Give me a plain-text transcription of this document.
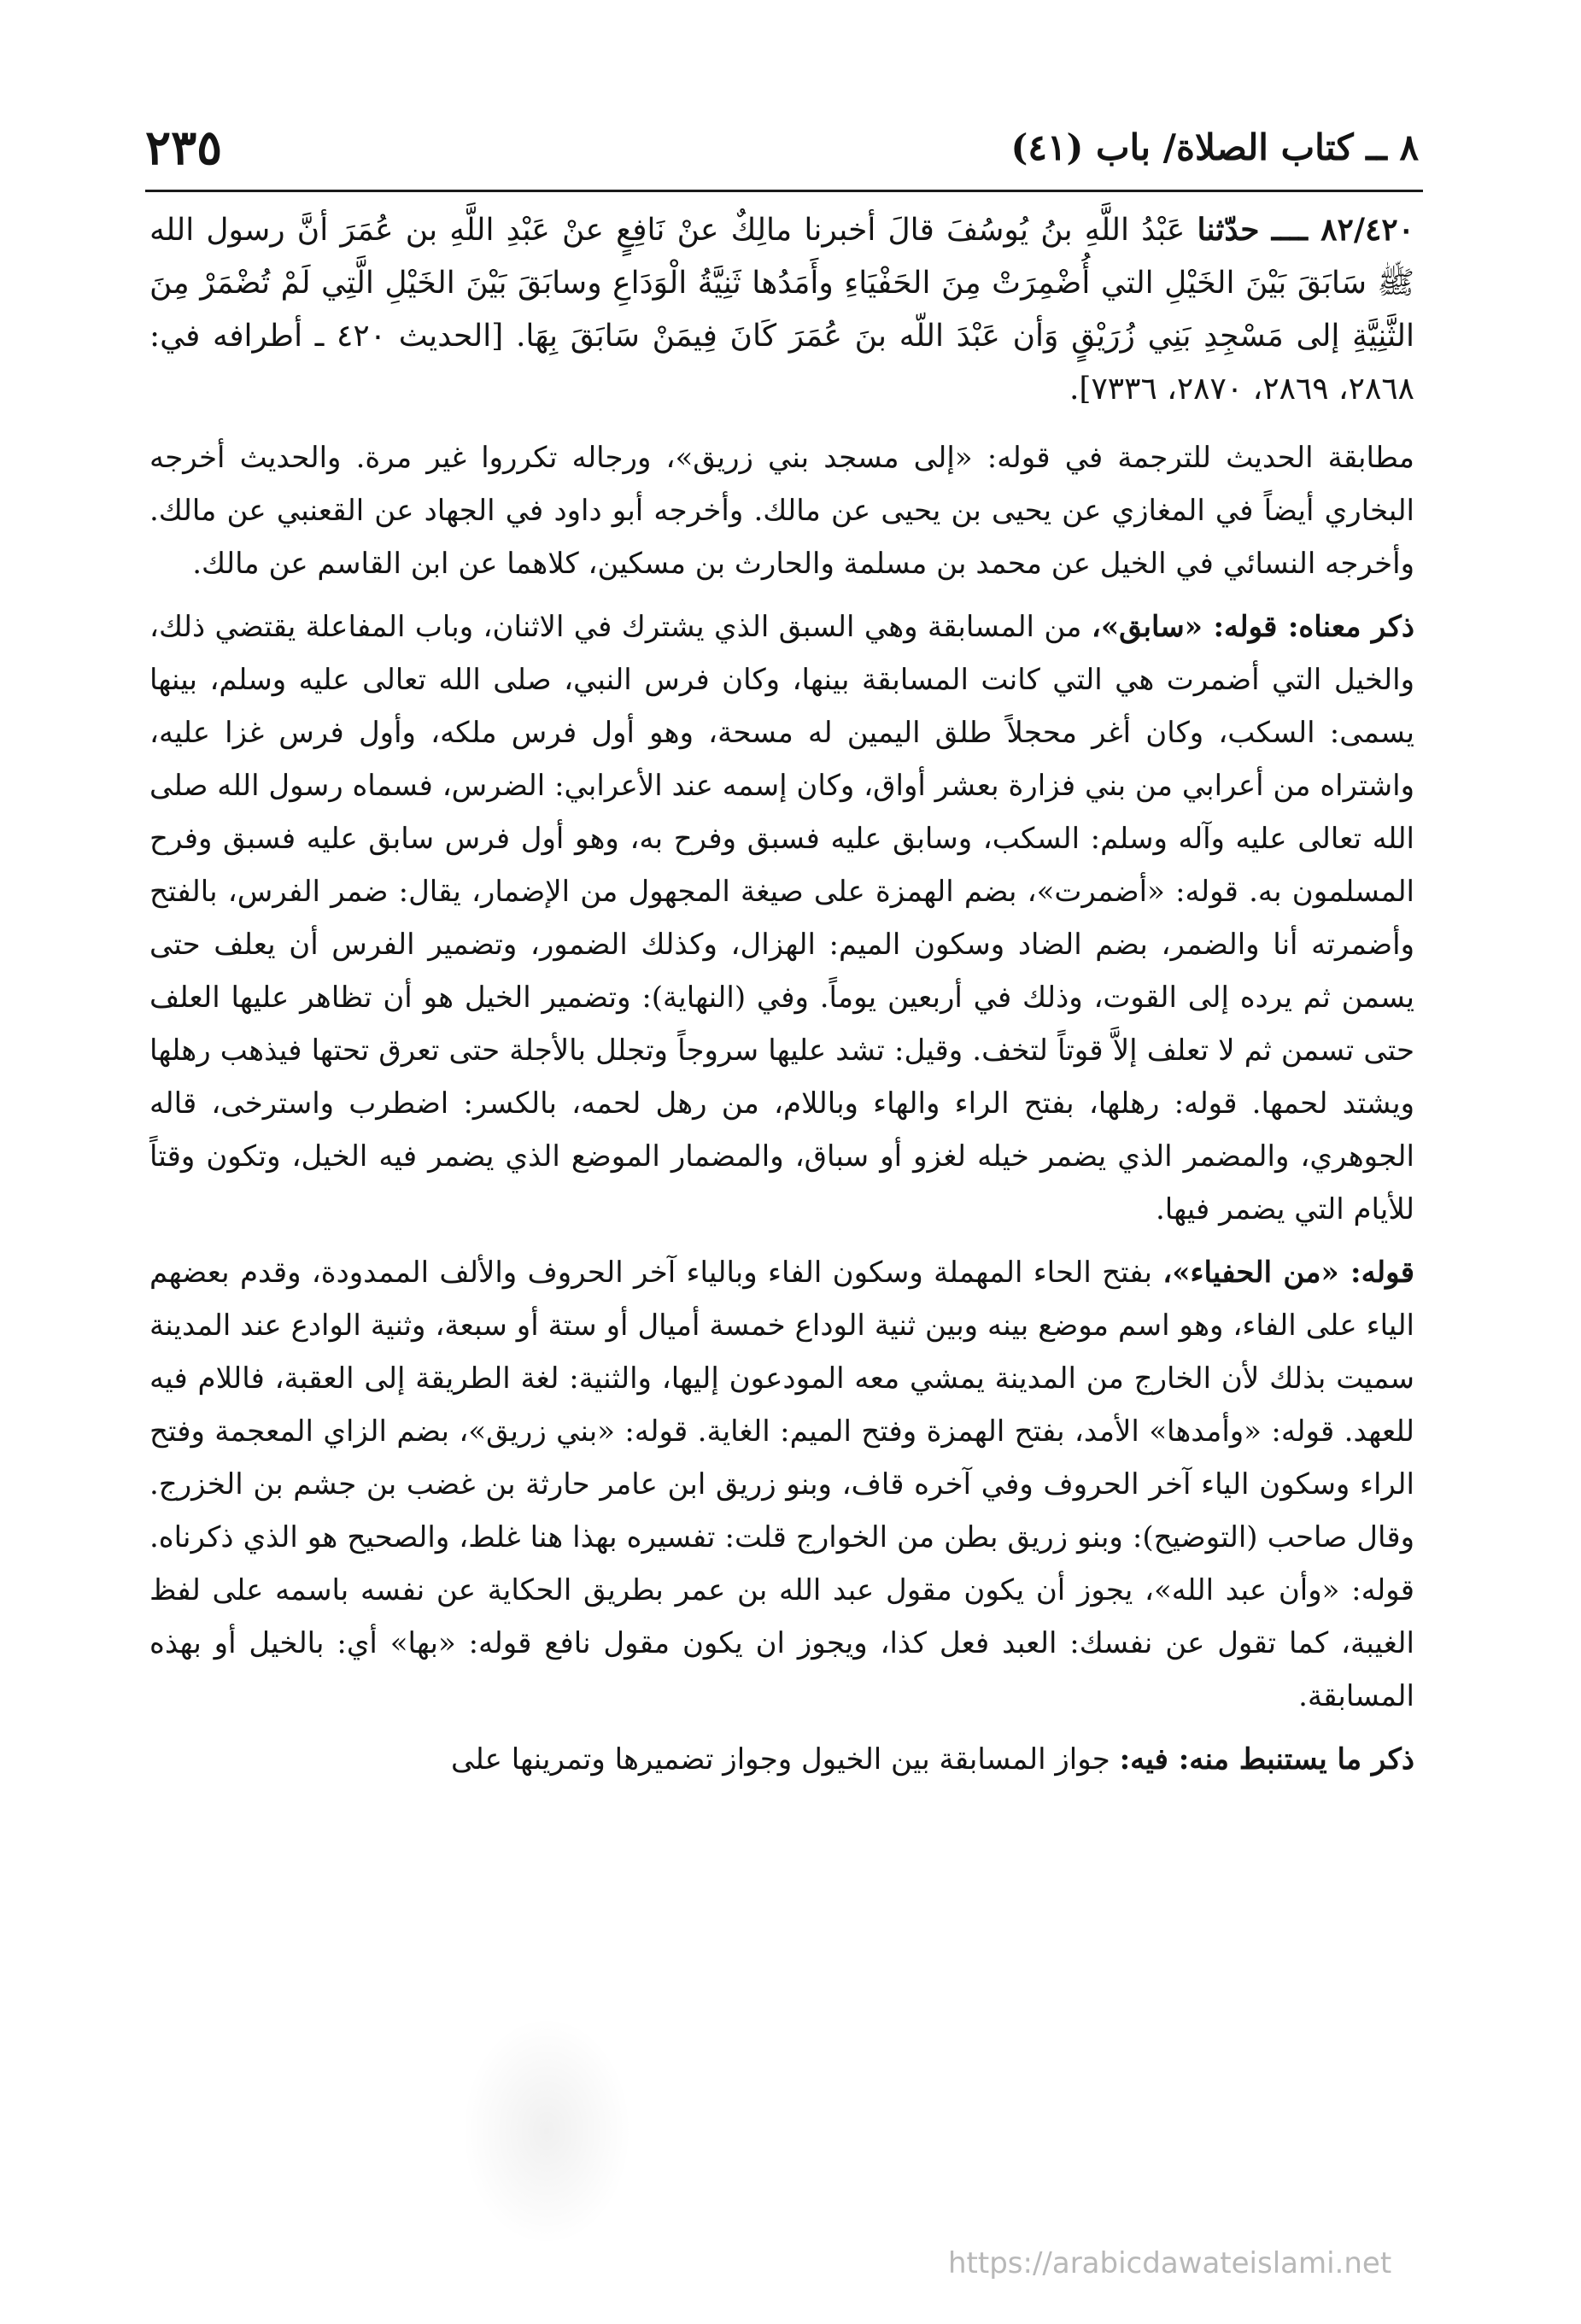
٨ ــ كتاب الصلاة/ باب (٤١)
٢٣٥

٨٢/٤٢٠ ــــ حدّثنا عَبْدُ اللَّهِ بنُ يُوسُفَ قالَ أخبرنا مالِكٌ عنْ نَافِعٍ عنْ عَبْدِ اللَّهِ بن عُمَرَ أنَّ رسول الله ﷺ سَابَقَ بَيْنَ الخَيْلِ التي أُضْمِرَتْ مِنَ الحَفْيَاءِ وأَمَدُها ثَنِيَّةُ الْوَدَاعِ وسابَقَ بَيْنَ الخَيْلِ الَّتِي لَمْ تُضْمَرْ مِنَ الثَّنِيَّةِ إلى مَسْجِدِ بَنِي زُرَيْقٍ وَأن عَبْدَ اللّه بنَ عُمَرَ كَانَ فِيمَنْ سَابَقَ بِهَا. [الحديث ٤٢٠ ـ أطرافه في: ٢٨٦٨، ٢٨٦٩، ٢٨٧٠، ٧٣٣٦].

مطابقة الحديث للترجمة في قوله: «إلى مسجد بني زريق»، ورجاله تكرروا غير مرة. والحديث أخرجه البخاري أيضاً في المغازي عن يحيى بن يحيى عن مالك. وأخرجه أبو داود في الجهاد عن القعنبي عن مالك. وأخرجه النسائي في الخيل عن محمد بن مسلمة والحارث بن مسكين، كلاهما عن ابن القاسم عن مالك.

ذكر معناه: قوله: «سابق»، من المسابقة وهي السبق الذي يشترك في الاثنان، وباب المفاعلة يقتضي ذلك، والخيل التي أضمرت هي التي كانت المسابقة بينها، وكان فرس النبي، صلى الله تعالى عليه وسلم، بينها يسمى: السكب، وكان أغر محجلاً طلق اليمين له مسحة، وهو أول فرس ملكه، وأول فرس غزا عليه، واشتراه من أعرابي من بني فزارة بعشر أواق، وكان إسمه عند الأعرابي: الضرس، فسماه رسول الله صلى الله تعالى عليه وآله وسلم: السكب، وسابق عليه فسبق وفرح به، وهو أول فرس سابق عليه فسبق وفرح المسلمون به. قوله: «أضمرت»، بضم الهمزة على صيغة المجهول من الإضمار، يقال: ضمر الفرس، بالفتح وأضمرته أنا والضمر، بضم الضاد وسكون الميم: الهزال، وكذلك الضمور، وتضمير الفرس أن يعلف حتى يسمن ثم يرده إلى القوت، وذلك في أربعين يوماً. وفي (النهاية): وتضمير الخيل هو أن تظاهر عليها العلف حتى تسمن ثم لا تعلف إلاَّ قوتاً لتخف. وقيل: تشد عليها سروجاً وتجلل بالأجلة حتى تعرق تحتها فيذهب رهلها ويشتد لحمها. قوله: رهلها، بفتح الراء والهاء وباللام، من رهل لحمه، بالكسر: اضطرب واسترخى، قاله الجوهري، والمضمر الذي يضمر خيله لغزو أو سباق، والمضمار الموضع الذي يضمر فيه الخيل، وتكون وقتاً للأيام التي يضمر فيها.

قوله: «من الحفياء»، بفتح الحاء المهملة وسكون الفاء وبالياء آخر الحروف والألف الممدودة، وقدم بعضهم الياء على الفاء، وهو اسم موضع بينه وبين ثنية الوداع خمسة أميال أو ستة أو سبعة، وثنية الوادع عند المدينة سميت بذلك لأن الخارج من المدينة يمشي معه المودعون إليها، والثنية: لغة الطريقة إلى العقبة، فاللام فيه للعهد. قوله: «وأمدها» الأمد، بفتح الهمزة وفتح الميم: الغاية. قوله: «بني زريق»، بضم الزاي المعجمة وفتح الراء وسكون الياء آخر الحروف وفي آخره قاف، وبنو زريق ابن عامر حارثة بن غضب بن جشم بن الخزرج. وقال صاحب (التوضيح): وبنو زريق بطن من الخوارج قلت: تفسيره بهذا هنا غلط، والصحيح هو الذي ذكرناه. قوله: «وأن عبد الله»، يجوز أن يكون مقول عبد الله بن عمر بطريق الحكاية عن نفسه باسمه على لفظ الغيبة، كما تقول عن نفسك: العبد فعل كذا، ويجوز ان يكون مقول نافع قوله: «بها» أي: بالخيل أو بهذه المسابقة.

ذكر ما يستنبط منه: فيه: جواز المسابقة بين الخيول وجواز تضميرها وتمرينها على

https://arabicdawateislami.net
